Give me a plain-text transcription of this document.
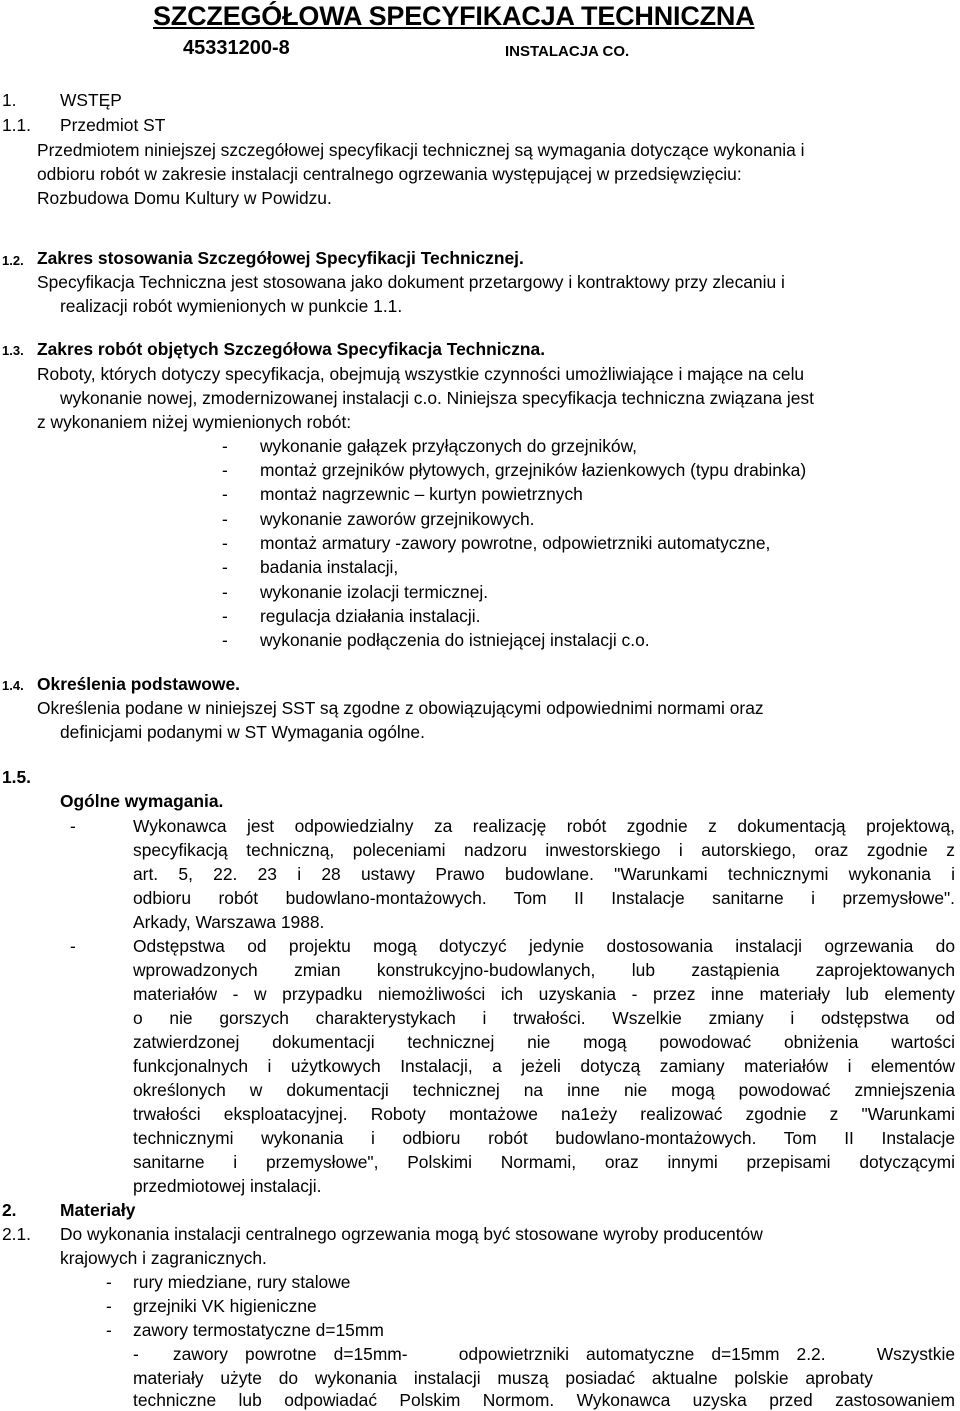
SZCZEGÓŁOWA SPECYFIKACJA TECHNICZNA
45331200-8	INSTALACJA CO.
1. WSTĘP
1.1. Przedmiot ST
Przedmiotem niniejszej szczegółowej specyfikacji technicznej są wymagania dotyczące wykonania i
odbioru robót w zakresie instalacji centralnego ogrzewania występującej w przedsięwzięciu:
Rozbudowa Domu Kultury w Powidzu.
1.2. Zakres stosowania Szczegółowej Specyfikacji Technicznej.
Specyfikacja Techniczna jest stosowana jako dokument przetargowy i kontraktowy przy zlecaniu i
realizacji robót wymienionych w punkcie 1.1.
1.3. Zakres robót objętych Szczegółowa Specyfikacja Techniczna.
Roboty, których dotyczy specyfikacja, obejmują wszystkie czynności umożliwiające i mające na celu
wykonanie nowej, zmodernizowanej instalacji c.o. Niniejsza specyfikacja techniczna związana jest
z wykonaniem niżej wymienionych robót:
- wykonanie gałązek przyłączonych do grzejników,
- montaż grzejników płytowych, grzejników łazienkowych (typu drabinka)
- montaż nagrzewnic – kurtyn powietrznych
- wykonanie zaworów grzejnikowych.
- montaż armatury -zawory powrotne, odpowietrzniki automatyczne,
- badania instalacji,
- wykonanie izolacji termicznej.
- regulacja działania instalacji.
- wykonanie podłączenia do istniejącej instalacji c.o.
1.4. Określenia podstawowe.
Określenia podane w niniejszej SST są zgodne z obowiązującymi odpowiednimi normami oraz
definicjami podanymi w ST Wymagania ogólne.
1.5.
Ogólne wymagania.
-	Wykonawca jest odpowiedzialny za realizację robót zgodnie z dokumentacją projektową,
specyfikacją techniczną, poleceniami nadzoru inwestorskiego i autorskiego, oraz zgodnie z
art. 5, 22. 23 i 28 ustawy Prawo budowlane. "Warunkami technicznymi wykonania i
odbioru robót budowlano-montażowych. Tom II Instalacje sanitarne i przemysłowe".
Arkady, Warszawa 1988.
-	Odstępstwa od projektu mogą dotyczyć jedynie dostosowania instalacji ogrzewania do
wprowadzonych zmian konstrukcyjno-budowlanych, lub zastąpienia zaprojektowanych
materiałów - w przypadku niemożliwości ich uzyskania - przez inne materiały lub elementy
o nie gorszych charakterystykach i trwałości. Wszelkie zmiany i odstępstwa od
zatwierdzonej dokumentacji technicznej nie mogą powodować obniżenia wartości
funkcjonalnych i użytkowych Instalacji, a jeżeli dotyczą zamiany materiałów i elementów
określonych w dokumentacji technicznej na inne nie mogą powodować zmniejszenia
trwałości eksploatacyjnej. Roboty montażowe na1eży realizować zgodnie z "Warunkami
technicznymi wykonania i odbioru robót budowlano-montażowych. Tom II Instalacje
sanitarne i przemysłowe", Polskimi Normami, oraz innymi przepisami dotyczącymi
przedmiotowej instalacji.
2. Materiały
2.1. Do wykonania instalacji centralnego ogrzewania mogą być stosowane wyroby producentów
krajowych i zagranicznych.
- rury miedziane, rury stalowe
- grzejniki VK higieniczne
- zawory termostatyczne d=15mm
-  zawory powrotne d=15mm-   odpowietrzniki automatyczne d=15mm 2.2.   Wszystkie
materiały użyte do wykonania instalacji muszą posiadać aktualne polskie aprobaty
techniczne lub odpowiadać Polskim Normom. Wykonawca uzyska przed zastosowaniem
